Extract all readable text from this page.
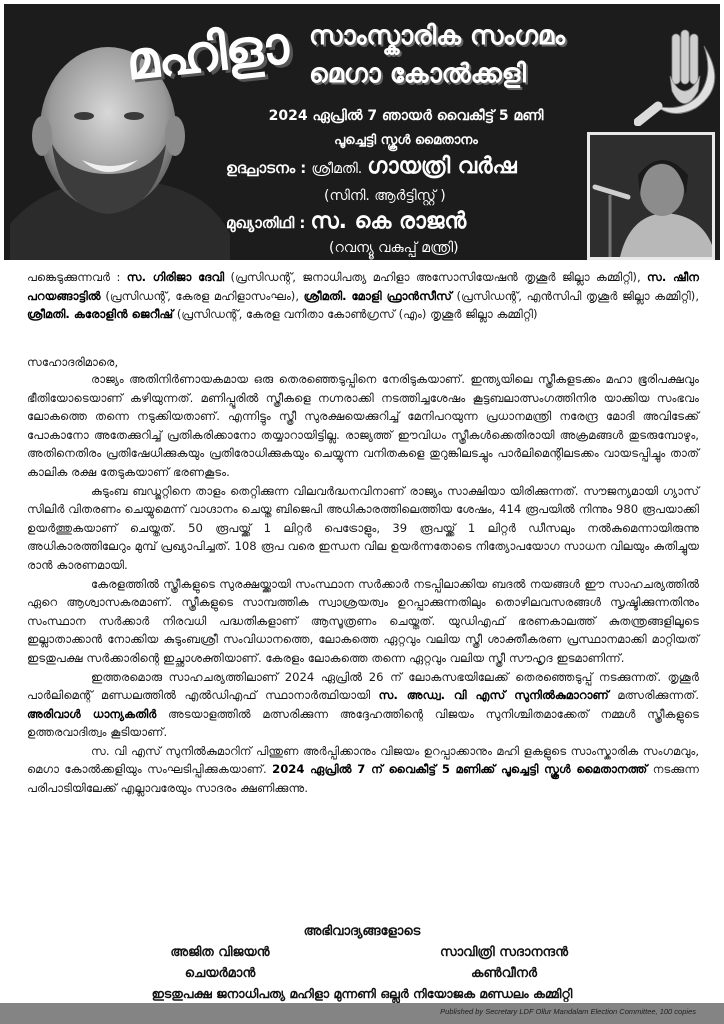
മഹിളാ സാംസ്കാരിക സംഗമം
മെഗാ കോൽക്കളി
2024 ഏപ്രിൽ 7 ഞായർ വൈകീട്ട് 5 മണി
പൂച്ചെട്ടി സ്കൂൾ മൈതാനം
ഉദ്ഘാടനം : ശ്രീമതി. ഗായത്രി വർഷ
(സിനി. ആർട്ടിസ്റ്റ് )
മുഖ്യാതിഥി : സ. കെ രാജൻ
(റവന്യൂ വകുപ്പ് മന്ത്രി)
പങ്കെടുക്കുന്നവർ : സ. ഗിരിജാ ദേവി (പ്രസിഡന്റ്, ജനാധിപത്യ മഹിളാ അസോസിയേഷൻ തൃശൂർ ജില്ലാ കമ്മിറ്റി), സ. ഷീന പറയങ്ങാട്ടിൽ (പ്രസിഡന്റ്, കേരള മഹിളാസംഘം), ശ്രീമതി. മോളി ഫ്രാൻസീസ് (പ്രസിഡന്റ്, എൻസിപി തൃശൂർ ജില്ലാ കമ്മിറ്റി), ശ്രീമതി. കരോളിൻ ജെറീഷ് (പ്രസിഡന്റ്, കേരള വനിതാ കോൺഗ്രസ് (എം) തൃശൂർ ജില്ലാ കമ്മിറ്റി)
സഹോദരിമാരെ,

രാജ്യം അതിനിർണായകമായ ഒരു തെരഞ്ഞെടുപ്പിനെ നേരിടുകയാണ്. ഇന്ത്യയിലെ സ്ത്രീകളടക്കം മഹാ ഭൂരിപക്ഷവും ഭീതിയോടെയാണ് കഴിയുന്നത്. മണിപ്പൂരിൽ സ്ത്രീകളെ നഗ്നരാക്കി നടത്തിച്ചശേഷം കൂട്ടബലാത്സംഗത്തിനിര യാക്കിയ സംഭവം ലോകത്തെ തന്നെ നടുക്കിയതാണ്. എന്നിട്ടും സ്ത്രീ സുരക്ഷയെക്കുറിച്ച് മേനിപറയുന്ന പ്രധാനമന്ത്രി നരേന്ദ്ര മോദി അവിടേക്ക് പോകാനോ അതേക്കുറിച്ച് പ്രതികരിക്കാനോ തയ്യാറായിട്ടില്ല. രാജ്യത്ത് ഈവിധം സ്ത്രീകൾക്കെതിരായി അക്രമങ്ങൾ തുടരുമ്പോഴും, അതിനെതിരം പ്രതിഷേധിക്കുകയും പ്രതിരോധിക്കുകയും ചെയ്യുന്ന വനിതകളെ തുറുങ്കിലടച്ചും പാർലിമെന്റിലടക്കം വായടപ്പിച്ചും താത് കാലിക രക്ഷ തേടുകയാണ് ഭരണകൂടം.

കുടുംബ ബഡ്ജറ്റിനെ താളം തെറ്റിക്കുന്ന വിലവർദ്ധനവിനാണ് രാജ്യം സാക്ഷിയാ യിരിക്കുന്നത്. സൗജന്യമായി ഗ്യാസ് സിലിർ വിതരണം ചെയ്യുമെന്ന് വാഗ്ദാനം ചെയ്ത ബിജെപി അധികാരത്തിലെത്തിയ ശേഷം, 414 രൂപയിൽ നിന്നും 980 രൂപയാക്കി ഉയർത്തുകയാണ് ചെയ്തത്. 50 രൂപയ്ക്ക് 1 ലിറ്റർ പെട്രോളും, 39 രൂപയ്ക്ക് 1 ലിറ്റർ ഡീസലും നൽകുമെന്നായിരുന്നു അധികാരത്തിലേറും മുമ്പ് പ്രഖ്യാപിച്ചത്. 108 രൂപ വരെ ഇന്ധന വില ഉയർന്നതോടെ നിത്യോപയോഗ സാധന വിലയും കുതിച്ചുയ രാൻ കാരണമായി.

കേരളത്തിൽ സ്ത്രീകളുടെ സുരക്ഷയ്ക്കായി സംസ്ഥാന സർക്കാർ നടപ്പിലാക്കിയ ബദൽ നയങ്ങൾ ഈ സാഹചര്യത്തിൽ ഏറെ ആശ്വാസകരമാണ്. സ്ത്രീകളുടെ സാമ്പത്തിക സ്വാശ്രയത്വം ഉറപ്പാക്കുന്നതിലും തൊഴിലവസരങ്ങൾ സൃഷ്ടിക്കുന്നതിനും സംസ്ഥാന സർക്കാർ നിരവധി പദ്ധതികളാണ് ആസൂത്രണം ചെയ്തത്. യുഡിഎഫ് ഭരണകാലത്ത് കുതന്ത്രങ്ങളിലൂടെ ഇല്ലാതാക്കാൻ നോക്കിയ കുടുംബശ്രീ സംവിധാനത്തെ, ലോകത്തെ ഏറ്റവും വലിയ സ്ത്രീ ശാക്തീകരണ പ്രസ്ഥാനമാക്കി മാറ്റിയത് ഇടതുപക്ഷ സർക്കാരിന്റെ ഇച്ഛാശക്തിയാണ്. കേരളം ലോകത്തെ തന്നെ ഏറ്റവും വലിയ സ്ത്രീ സൗഹൃദ ഇടമാണിന്ന്.

ഇത്തരമൊരു സാഹചര്യത്തിലാണ് 2024 ഏപ്രിൽ 26 ന് ലോകസഭയിലേക്ക് തെരഞ്ഞെടുപ്പ് നടക്കുന്നത്. തൃശൂർ പാർലിമെന്റ് മണ്ഡലത്തിൽ എൽഡിഎഫ് സ്ഥാനാർത്ഥിയായി സ. അഡ്വ. വി എസ് സുനിൽകുമാറാണ് മത്സരിക്കുന്നത്. അരിവാൾ ധാന്യകതിർ അടയാളത്തിൽ മത്സരിക്കുന്ന അദ്ദേഹത്തിന്റെ വിജയം സുനിശ്ചിതമാക്കേത് നമ്മൾ സ്ത്രീകളുടെ ഉത്തരവാദിത്വം കൂടിയാണ്.

സ. വി എസ് സുനിൽകുമാറിന് പിന്തുണ അർപ്പിക്കാനും വിജയം ഉറപ്പാക്കാനും മഹി ളകളുടെ സാംസ്കാരിക സംഗമവും, മെഗാ കോൽക്കളിയും സംഘടിപ്പിക്കുകയാണ്. 2024 ഏപ്രിൽ 7 ന് വൈകീട്ട് 5 മണിക്ക് പൂച്ചെട്ടി സ്കൂൾ മൈതാനത്ത് നടക്കുന്ന പരിപാടിയിലേക്ക് എല്ലാവരേയും സാദരം ക്ഷണിക്കുന്നു.

അഭിവാദ്യങ്ങളോടെ
അജിത വിജയൻ	സാവിത്രി സദാനന്ദൻ
ചെയർമാൻ	കൺവീനർ
ഇടതുപക്ഷ ജനാധിപത്യ മഹിളാ മുന്നണി ഒല്ലൂർ നിയോജക മണ്ഡലം കമ്മിറ്റി
Published by Secretary LDF Ollur Mandalam Election Committee, 100 copies
